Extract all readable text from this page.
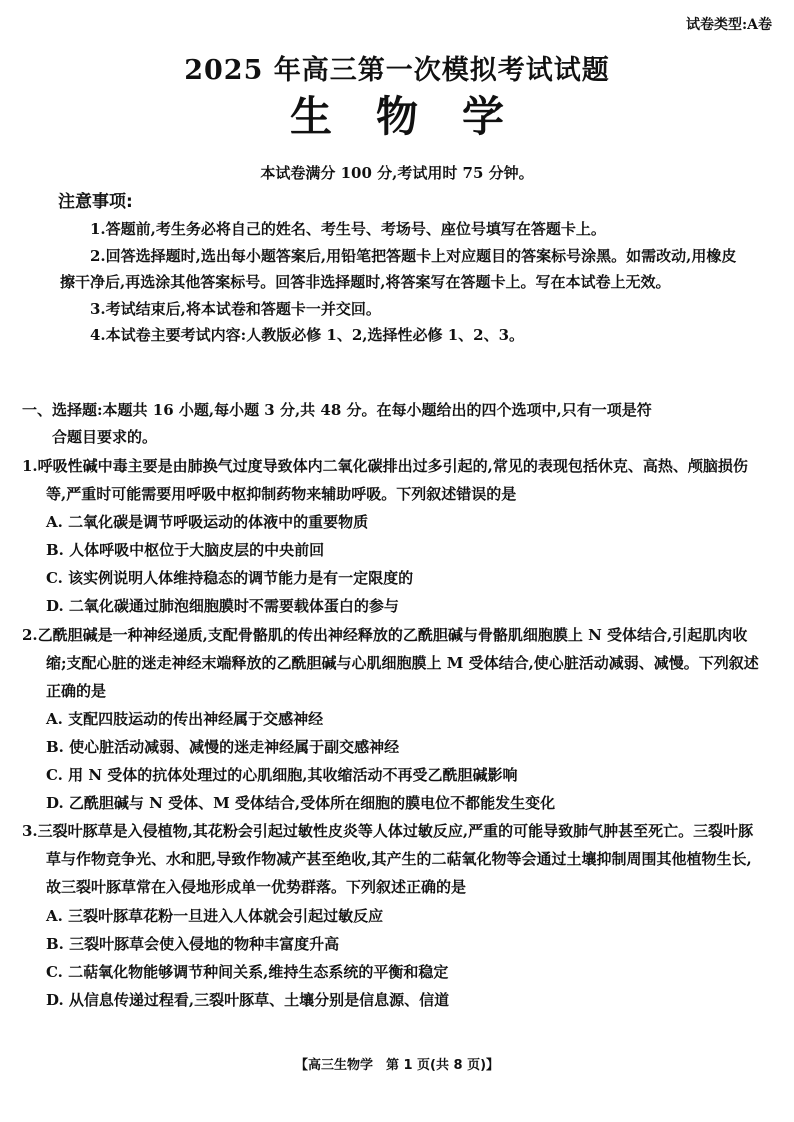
试卷类型:A卷
2025 年高三第一次模拟考试试题
生 物 学
本试卷满分 100 分,考试用时 75 分钟。
注意事项:
1.答题前,考生务必将自己的姓名、考生号、考场号、座位号填写在答题卡上。
2.回答选择题时,选出每小题答案后,用铅笔把答题卡上对应题目的答案标号涂黑。如需改动,用橡皮擦干净后,再选涂其他答案标号。回答非选择题时,将答案写在答题卡上。写在本试卷上无效。
3.考试结束后,将本试卷和答题卡一并交回。
4.本试卷主要考试内容:人教版必修 1、2,选择性必修 1、2、3。
一、选择题:本题共 16 小题,每小题 3 分,共 48 分。在每小题给出的四个选项中,只有一项是符
合题目要求的。
1.呼吸性碱中毒主要是由肺换气过度导致体内二氧化碳排出过多引起的,常见的表现包括休克、高热、颅脑损伤等,严重时可能需要用呼吸中枢抑制药物来辅助呼吸。下列叙述错误的是
A. 二氧化碳是调节呼吸运动的体液中的重要物质
B. 人体呼吸中枢位于大脑皮层的中央前回
C. 该实例说明人体维持稳态的调节能力是有一定限度的
D. 二氧化碳通过肺泡细胞膜时不需要载体蛋白的参与
2.乙酰胆碱是一种神经递质,支配骨骼肌的传出神经释放的乙酰胆碱与骨骼肌细胞膜上 N 受体结合,引起肌肉收缩;支配心脏的迷走神经末端释放的乙酰胆碱与心肌细胞膜上 M 受体结合,使心脏活动减弱、减慢。下列叙述正确的是
A. 支配四肢运动的传出神经属于交感神经
B. 使心脏活动减弱、减慢的迷走神经属于副交感神经
C. 用 N 受体的抗体处理过的心肌细胞,其收缩活动不再受乙酰胆碱影响
D. 乙酰胆碱与 N 受体、M 受体结合,受体所在细胞的膜电位不都能发生变化
3.三裂叶豚草是入侵植物,其花粉会引起过敏性皮炎等人体过敏反应,严重的可能导致肺气肿甚至死亡。三裂叶豚草与作物竞争光、水和肥,导致作物减产甚至绝收,其产生的二萜氧化物等会通过土壤抑制周围其他植物生长,故三裂叶豚草常在入侵地形成单一优势群落。下列叙述正确的是
A. 三裂叶豚草花粉一旦进入人体就会引起过敏反应
B. 三裂叶豚草会使入侵地的物种丰富度升高
C. 二萜氧化物能够调节种间关系,维持生态系统的平衡和稳定
D. 从信息传递过程看,三裂叶豚草、土壤分别是信息源、信道
【高三生物学　第 1 页(共 8 页)】
